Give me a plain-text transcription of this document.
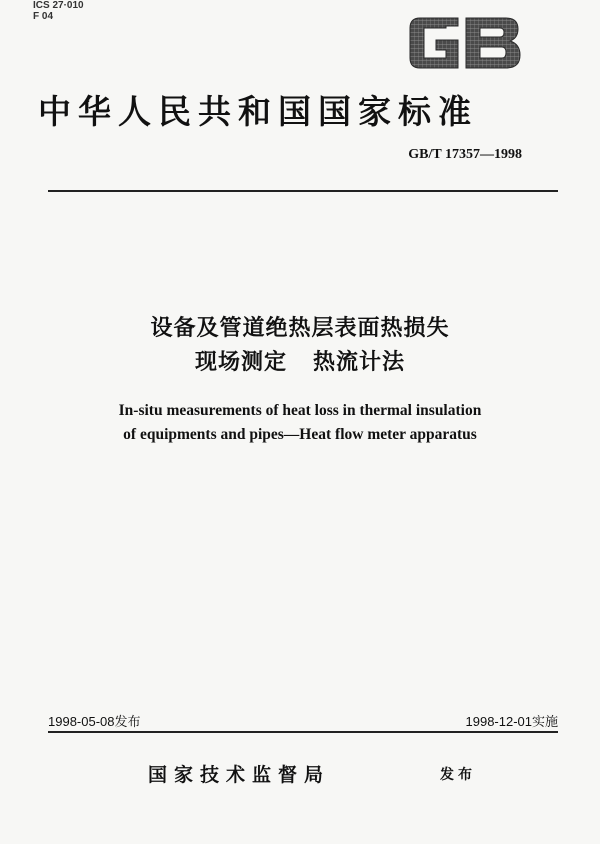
ICS 27·010
F 04
中华人民共和国国家标准
GB/T 17357—1998
设备及管道绝热层表面热损失
现场测定   热流计法
In-situ measurements of heat loss in thermal insulation
of equipments and pipes—Heat flow meter apparatus
1998-05-08发布	1998-12-01实施
国家技术监督局	发布
